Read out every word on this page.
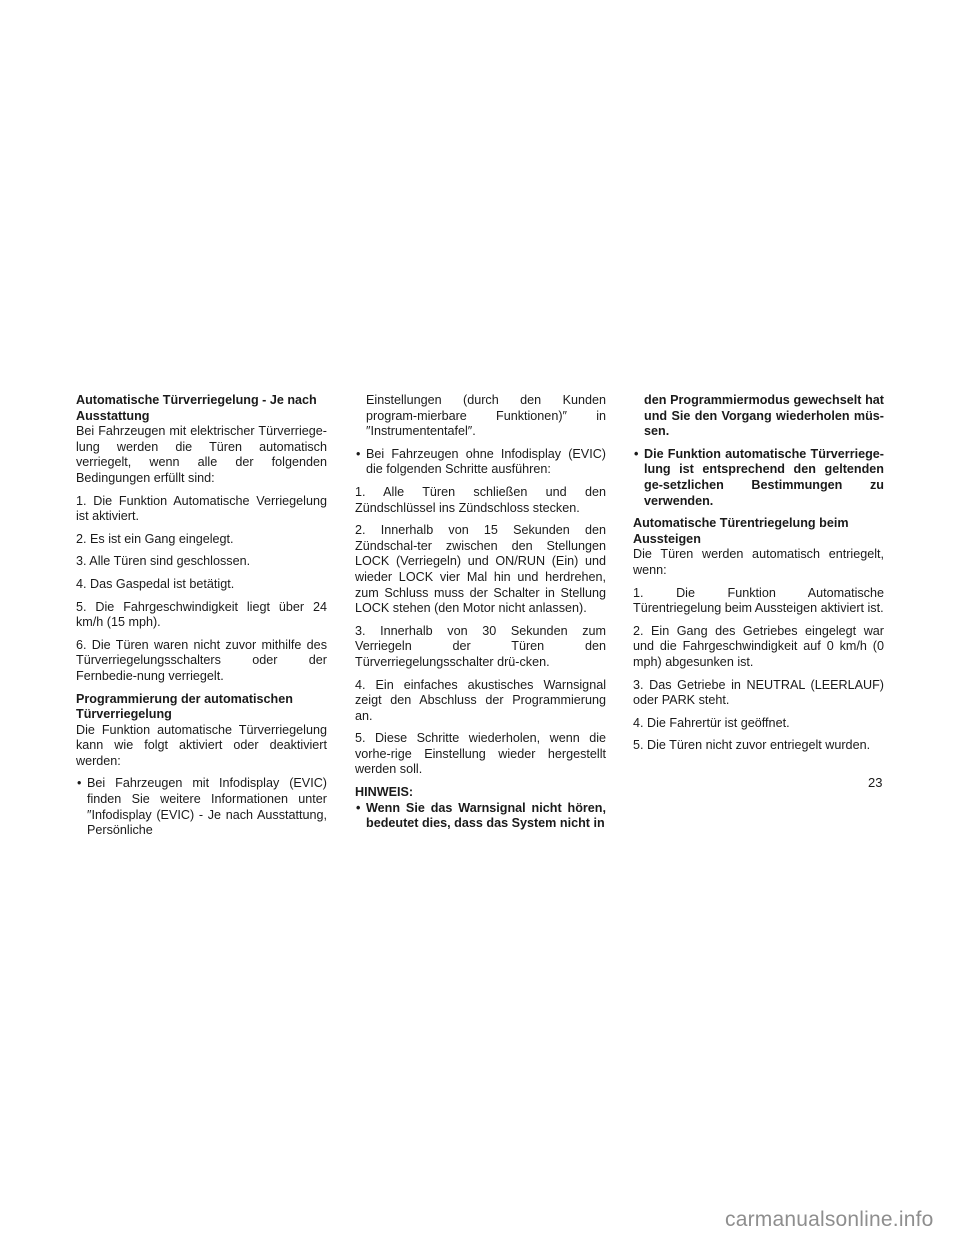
Automatische Türverriegelung - Je nach Ausstattung

Bei Fahrzeugen mit elektrischer Türverriege-lung werden die Türen automatisch verriegelt, wenn alle der folgenden Bedingungen erfüllt sind:

1. Die Funktion Automatische Verriegelung ist aktiviert.

2. Es ist ein Gang eingelegt.

3. Alle Türen sind geschlossen.

4. Das Gaspedal ist betätigt.

5. Die Fahrgeschwindigkeit liegt über 24 km/h (15 mph).

6. Die Türen waren nicht zuvor mithilfe des Türverriegelungsschalters oder der Fernbedie-nung verriegelt.

Programmierung der automatischen Türverriegelung

Die Funktion automatische Türverriegelung kann wie folgt aktiviert oder deaktiviert werden:

• Bei Fahrzeugen mit Infodisplay (EVIC) finden Sie weitere Informationen unter ″Infodisplay (EVIC) - Je nach Ausstattung, Persönliche

Einstellungen (durch den Kunden program-mierbare Funktionen)″ in ″Instrumententafel″.

• Bei Fahrzeugen ohne Infodisplay (EVIC) die folgenden Schritte ausführen:

1. Alle Türen schließen und den Zündschlüssel ins Zündschloss stecken.

2. Innerhalb von 15 Sekunden den Zündschal-ter zwischen den Stellungen LOCK (Verriegeln) und ON/RUN (Ein) und wieder LOCK vier Mal hin und herdrehen, zum Schluss muss der Schalter in Stellung LOCK stehen (den Motor nicht anlassen).

3. Innerhalb von 30 Sekunden zum Verriegeln der Türen den Türverriegelungsschalter drü-cken.

4. Ein einfaches akustisches Warnsignal zeigt den Abschluss der Programmierung an.

5. Diese Schritte wiederholen, wenn die vorhe-rige Einstellung wieder hergestellt werden soll.

HINWEIS:
• Wenn Sie das Warnsignal nicht hören, bedeutet dies, dass das System nicht in

den Programmiermodus gewechselt hat und Sie den Vorgang wiederholen müs-sen.

• Die Funktion automatische Türverriege-lung ist entsprechend den geltenden ge-setzlichen Bestimmungen zu verwenden.
Automatische Türentriegelung beim Aussteigen

Die Türen werden automatisch entriegelt, wenn:

1. Die Funktion Automatische Türentriegelung beim Aussteigen aktiviert ist.

2. Ein Gang des Getriebes eingelegt war und die Fahrgeschwindigkeit auf 0 km/h (0 mph) abgesunken ist.

3. Das Getriebe in NEUTRAL (LEERLAUF) oder PARK steht.

4. Die Fahrertür ist geöffnet.

5. Die Türen nicht zuvor entriegelt wurden.

23
carmanualsonline.info
